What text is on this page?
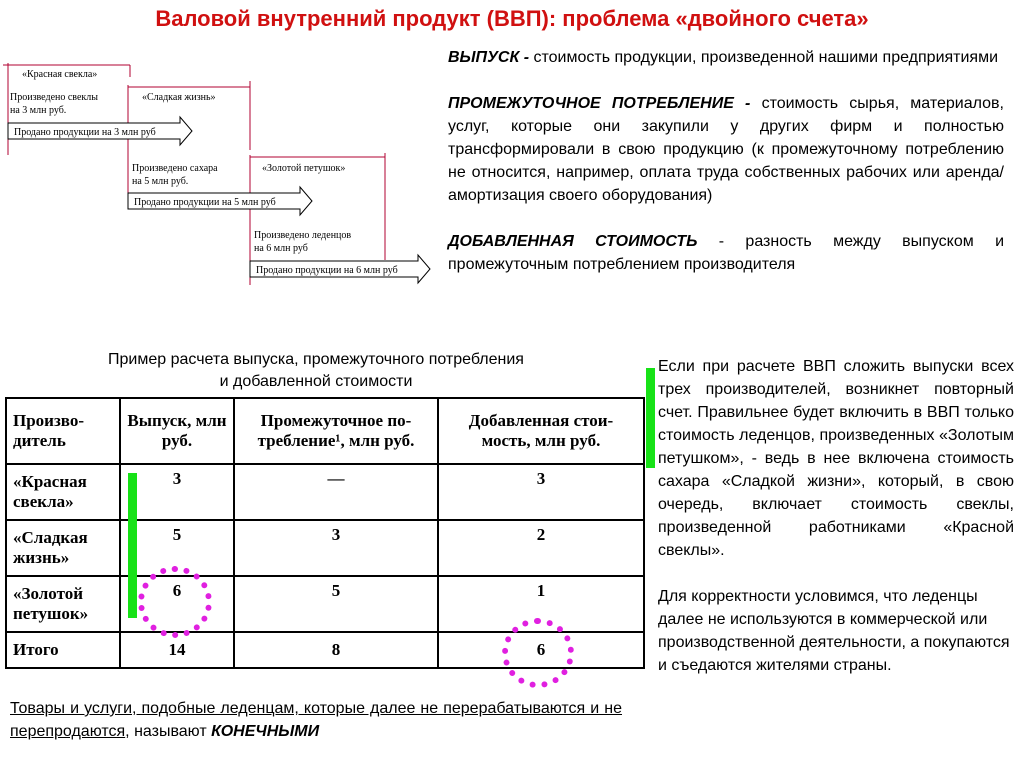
Валовой внутренний продукт (ВВП): проблема «двойного счета»
«Красная свекла»
Произведено свеклы
на 3 млн руб.
«Сладкая жизнь»
Продано продукции на 3 млн руб
Произведено сахара
на 5 млн руб.
«Золотой петушок»
Продано продукции на 5 млн руб
Произведено леденцов
на 6 млн руб
Продано продукции на 6 млн руб

ВЫПУСК - стоимость продукции, произведенной нашими предприятиями

ПРОМЕЖУТОЧНОЕ ПОТРЕБЛЕНИЕ - стоимость сырья, материалов, услуг, которые они закупили у других фирм и полностью трансформировали в свою продукцию (к промежуточному потреблению не относится, например, оплата труда собственных рабочих или аренда/амортизация своего оборудования)

ДОБАВЛЕННАЯ СТОИМОСТЬ - разность между выпуском и промежуточным потреблением производителя

Пример расчета выпуска, промежуточного потребления
и добавленной стоимости
Произво-дитель	Выпуск, млн руб.	Промежуточное по-требление¹, млн руб.	Добавленная стои-мость, млн руб.
«Красная свекла»	3	—	3
«Сладкая жизнь»	5	3	2
«Золотой петушок»	6	5	1
Итого	14	8	6

Если при расчете ВВП сложить выпуски всех трех производителей, возникнет повторный счет. Правильнее будет включить в ВВП только стоимость леденцов, произведенных «Золотым петушком», - ведь в нее включена стоимость сахара «Сладкой жизни», который, в свою очередь, включает стоимость свеклы, произведенной работниками «Красной свеклы».

Для корректности условимся, что леденцы далее не используются в коммерческой или производственной деятельности, а покупаются и съедаются жителями страны.

Товары и услуги, подобные леденцам, которые далее не перерабатываются и не перепродаются, называют КОНЕЧНЫМИ
